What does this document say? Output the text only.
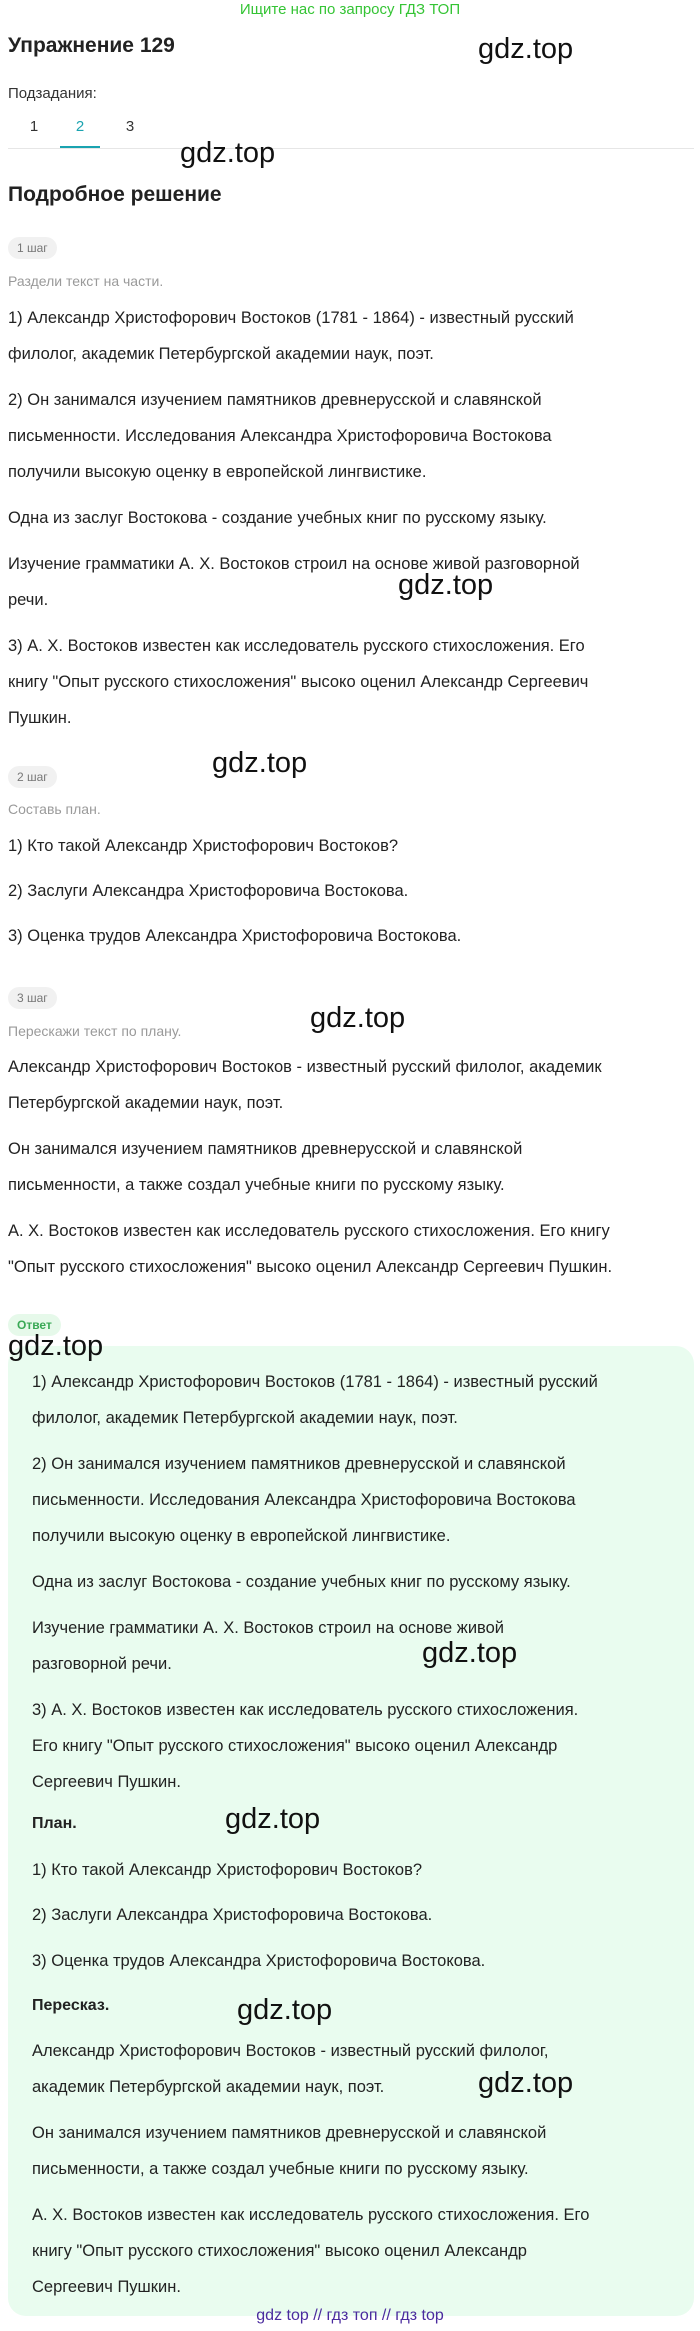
Ищите нас по запросу ГДЗ ТОП
Упражнение 129
Подзадания:
1	2	3
Подробное решение
1 шаг
Раздели текст на части.
1) Александр Христофорович Востоков (1781 - 1864) - известный русский
филолог, академик Петербургской академии наук, поэт.
2) Он занимался изучением памятников древнерусской и славянской
письменности. Исследования Александра Христофоровича Востокова
получили высокую оценку в европейской лингвистике.
Одна из заслуг Востокова - создание учебных книг по русскому языку.
Изучение грамматики А. Х. Востоков строил на основе живой разговорной
речи.
3) А. Х. Востоков известен как исследователь русского стихосложения. Его
книгу "Опыт русского стихосложения" высоко оценил Александр Сергеевич
Пушкин.
2 шаг
Составь план.
1) Кто такой Александр Христофорович Востоков?
2) Заслуги Александра Христофоровича Востокова.
3) Оценка трудов Александра Христофоровича Востокова.
3 шаг
Перескажи текст по плану.
Александр Христофорович Востоков - известный русский филолог, академик
Петербургской академии наук, поэт.
Он занимался изучением памятников древнерусской и славянской
письменности, а также создал учебные книги по русскому языку.
А. Х. Востоков известен как исследователь русского стихосложения. Его книгу
"Опыт русского стихосложения" высоко оценил Александр Сергеевич Пушкин.
Ответ
1) Александр Христофорович Востоков (1781 - 1864) - известный русский
филолог, академик Петербургской академии наук, поэт.
2) Он занимался изучением памятников древнерусской и славянской
письменности. Исследования Александра Христофоровича Востокова
получили высокую оценку в европейской лингвистике.
Одна из заслуг Востокова - создание учебных книг по русскому языку.
Изучение грамматики А. Х. Востоков строил на основе живой
разговорной речи.
3) А. Х. Востоков известен как исследователь русского стихосложения.
Его книгу "Опыт русского стихосложения" высоко оценил Александр
Сергеевич Пушкин.
План.
1) Кто такой Александр Христофорович Востоков?
2) Заслуги Александра Христофоровича Востокова.
3) Оценка трудов Александра Христофоровича Востокова.
Пересказ.
Александр Христофорович Востоков - известный русский филолог,
академик Петербургской академии наук, поэт.
Он занимался изучением памятников древнерусской и славянской
письменности, а также создал учебные книги по русскому языку.
А. Х. Востоков известен как исследователь русского стихосложения. Его
книгу "Опыт русского стихосложения" высоко оценил Александр
Сергеевич Пушкин.
gdz.top
gdz.top
gdz.top
gdz.top
gdz.top
gdz.top
gdz.top
gdz.top
gdz.top
gdz.top
gdz top // гдз топ // гдз top
